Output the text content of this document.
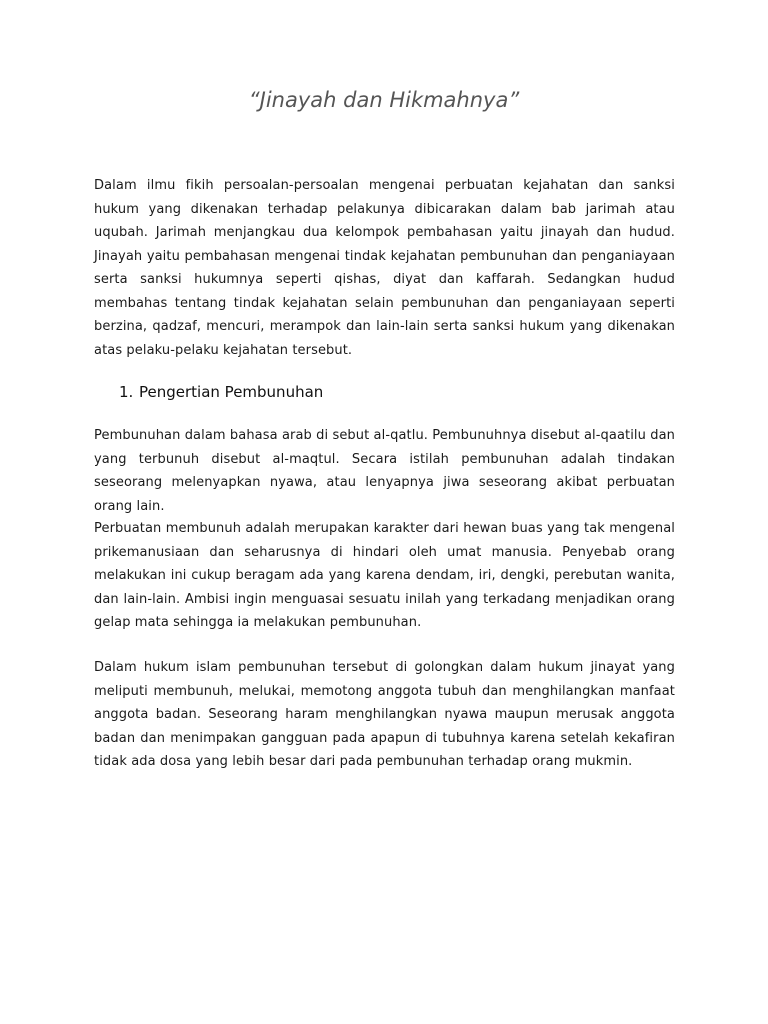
“Jinayah dan Hikmahnya”

Dalam ilmu fikih persoalan-persoalan mengenai perbuatan kejahatan dan sanksi hukum yang dikenakan terhadap pelakunya dibicarakan dalam bab jarimah atau uqubah. Jarimah menjangkau dua kelompok pembahasan yaitu jinayah dan hudud. Jinayah yaitu pembahasan mengenai tindak kejahatan pembunuhan dan penganiayaan serta sanksi hukumnya seperti qishas, diyat dan kaffarah. Sedangkan hudud membahas tentang tindak kejahatan selain pembunuhan dan penganiayaan seperti berzina, qadzaf, mencuri, merampok dan lain-lain serta sanksi hukum yang dikenakan atas pelaku-pelaku kejahatan tersebut.

1. Pengertian Pembunuhan

Pembunuhan dalam bahasa arab di sebut al-qatlu. Pembunuhnya disebut al-qaatilu dan yang terbunuh disebut al-maqtul. Secara istilah pembunuhan adalah tindakan seseorang melenyapkan nyawa, atau lenyapnya jiwa seseorang akibat perbuatan orang lain.

Perbuatan membunuh adalah merupakan karakter dari hewan buas yang tak mengenal prikemanusiaan dan seharusnya di hindari oleh umat manusia. Penyebab orang melakukan ini cukup beragam ada yang karena dendam, iri, dengki, perebutan wanita, dan lain-lain. Ambisi ingin menguasai sesuatu inilah yang terkadang menjadikan orang gelap mata sehingga ia melakukan pembunuhan.

Dalam hukum islam pembunuhan tersebut di golongkan dalam hukum jinayat yang meliputi membunuh, melukai, memotong anggota tubuh dan menghilangkan manfaat anggota badan. Seseorang haram menghilangkan nyawa maupun merusak anggota badan dan menimpakan gangguan pada apapun di tubuhnya karena setelah kekafiran tidak ada dosa yang lebih besar dari pada pembunuhan terhadap orang mukmin.
